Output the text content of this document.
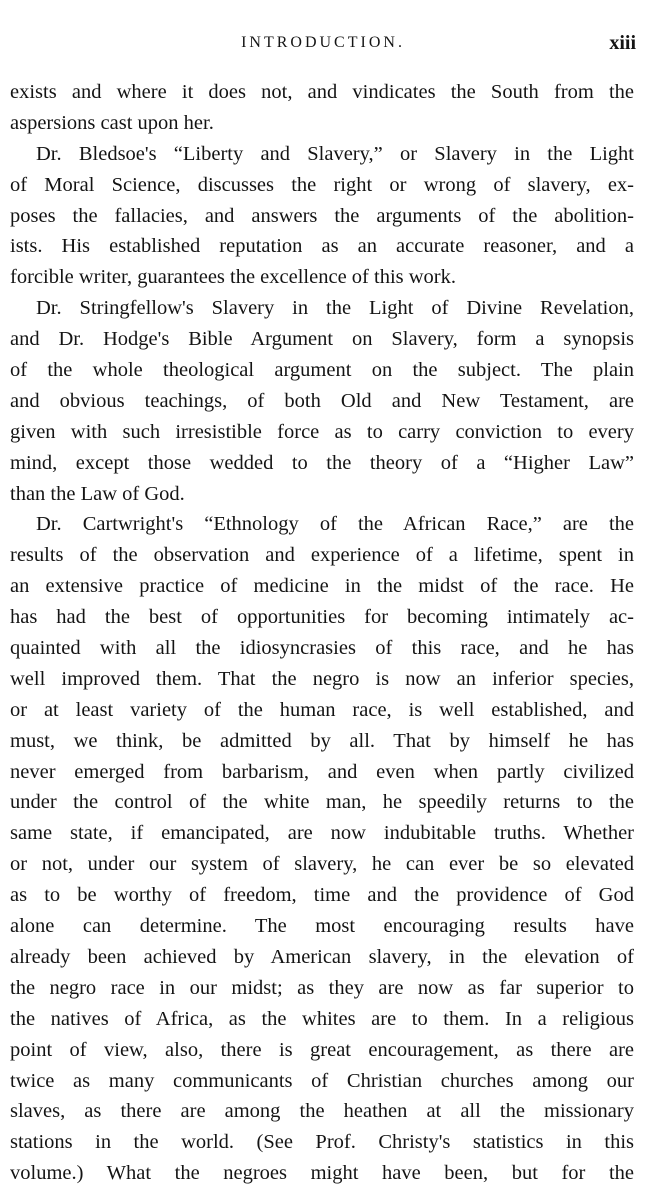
INTRODUCTION.	xiii
exists and where it does not, and vindicates the South from the
aspersions cast upon her.
Dr. Bledsoe's “Liberty and Slavery,” or Slavery in the Light
of Moral Science, discusses the right or wrong of slavery, ex-
poses the fallacies, and answers the arguments of the abolition-
ists. His established reputation as an accurate reasoner, and a
forcible writer, guarantees the excellence of this work.
Dr. Stringfellow's Slavery in the Light of Divine Revelation,
and Dr. Hodge's Bible Argument on Slavery, form a synopsis
of the whole theological argument on the subject. The plain
and obvious teachings, of both Old and New Testament, are
given with such irresistible force as to carry conviction to every
mind, except those wedded to the theory of a “Higher Law”
than the Law of God.
Dr. Cartwright's “Ethnology of the African Race,” are the
results of the observation and experience of a lifetime, spent in
an extensive practice of medicine in the midst of the race. He
has had the best of opportunities for becoming intimately ac-
quainted with all the idiosyncrasies of this race, and he has
well improved them. That the negro is now an inferior species,
or at least variety of the human race, is well established, and
must, we think, be admitted by all. That by himself he has
never emerged from barbarism, and even when partly civilized
under the control of the white man, he speedily returns to the
same state, if emancipated, are now indubitable truths. Whether
or not, under our system of slavery, he can ever be so elevated
as to be worthy of freedom, time and the providence of God
alone can determine. The most encouraging results have
already been achieved by American slavery, in the elevation of
the negro race in our midst; as they are now as far superior to
the natives of Africa, as the whites are to them. In a religious
point of view, also, there is great encouragement, as there are
twice as many communicants of Christian churches among our
slaves, as there are among the heathen at all the missionary
stations in the world. (See Prof. Christy's statistics in this
volume.) What the negroes might have been, but for the
